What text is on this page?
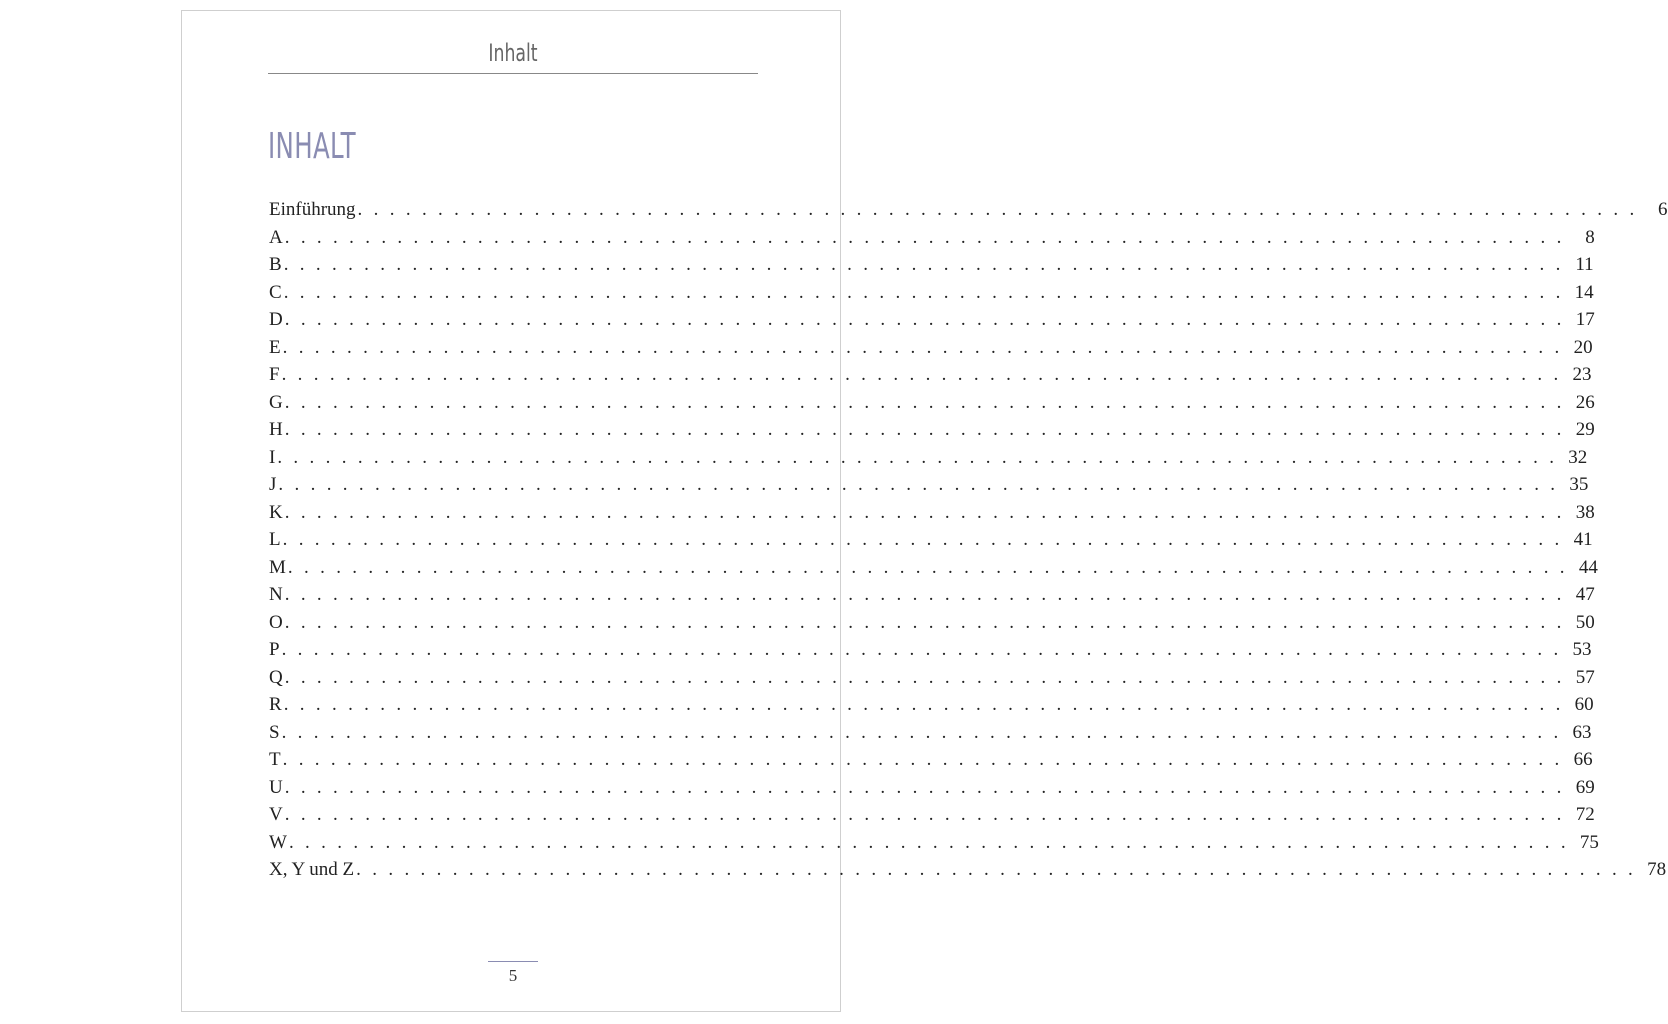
Inhalt
INHALT
Einführung . . . . . . . . . . . . . . . . . . . . . . . . . . . . . . . . . . . . . . . . . . . . . . . . . . . . . . . . . . . . . . . . . . . . . . . . . . . . . . . .	6
A . . . . . . . . . . . . . . . . . . . . . . . . . . . . . . . . . . . . . . . . . . . . . . . . . . . . . . . . . . . . . . . . . . . . . . . . . . . . . . . .	8
B . . . . . . . . . . . . . . . . . . . . . . . . . . . . . . . . . . . . . . . . . . . . . . . . . . . . . . . . . . . . . . . . . . . . . . . . . . . . . . . . 11
C . . . . . . . . . . . . . . . . . . . . . . . . . . . . . . . . . . . . . . . . . . . . . . . . . . . . . . . . . . . . . . . . . . . . . . . . . . . . . . . . 14
D . . . . . . . . . . . . . . . . . . . . . . . . . . . . . . . . . . . . . . . . . . . . . . . . . . . . . . . . . . . . . . . . . . . . . . . . . . . . . . . . 17
E . . . . . . . . . . . . . . . . . . . . . . . . . . . . . . . . . . . . . . . . . . . . . . . . . . . . . . . . . . . . . . . . . . . . . . . . . . . . . . . . 20
F . . . . . . . . . . . . . . . . . . . . . . . . . . . . . . . . . . . . . . . . . . . . . . . . . . . . . . . . . . . . . . . . . . . . . . . . . . . . . . . . 23
G . . . . . . . . . . . . . . . . . . . . . . . . . . . . . . . . . . . . . . . . . . . . . . . . . . . . . . . . . . . . . . . . . . . . . . . . . . . . . . . . 26
H . . . . . . . . . . . . . . . . . . . . . . . . . . . . . . . . . . . . . . . . . . . . . . . . . . . . . . . . . . . . . . . . . . . . . . . . . . . . . . . . 29
I . . . . . . . . . . . . . . . . . . . . . . . . . . . . . . . . . . . . . . . . . . . . . . . . . . . . . . . . . . . . . . . . . . . . . . . . . . . . . . . . 32
J . . . . . . . . . . . . . . . . . . . . . . . . . . . . . . . . . . . . . . . . . . . . . . . . . . . . . . . . . . . . . . . . . . . . . . . . . . . . . . . . 35
K . . . . . . . . . . . . . . . . . . . . . . . . . . . . . . . . . . . . . . . . . . . . . . . . . . . . . . . . . . . . . . . . . . . . . . . . . . . . . . . . 38
L . . . . . . . . . . . . . . . . . . . . . . . . . . . . . . . . . . . . . . . . . . . . . . . . . . . . . . . . . . . . . . . . . . . . . . . . . . . . . . . . 41
M . . . . . . . . . . . . . . . . . . . . . . . . . . . . . . . . . . . . . . . . . . . . . . . . . . . . . . . . . . . . . . . . . . . . . . . . . . . . . . . . 44
N . . . . . . . . . . . . . . . . . . . . . . . . . . . . . . . . . . . . . . . . . . . . . . . . . . . . . . . . . . . . . . . . . . . . . . . . . . . . . . . . 47
O . . . . . . . . . . . . . . . . . . . . . . . . . . . . . . . . . . . . . . . . . . . . . . . . . . . . . . . . . . . . . . . . . . . . . . . . . . . . . . . . 50
P . . . . . . . . . . . . . . . . . . . . . . . . . . . . . . . . . . . . . . . . . . . . . . . . . . . . . . . . . . . . . . . . . . . . . . . . . . . . . . . . 53
Q . . . . . . . . . . . . . . . . . . . . . . . . . . . . . . . . . . . . . . . . . . . . . . . . . . . . . . . . . . . . . . . . . . . . . . . . . . . . . . . . 57
R . . . . . . . . . . . . . . . . . . . . . . . . . . . . . . . . . . . . . . . . . . . . . . . . . . . . . . . . . . . . . . . . . . . . . . . . . . . . . . . . 60
S . . . . . . . . . . . . . . . . . . . . . . . . . . . . . . . . . . . . . . . . . . . . . . . . . . . . . . . . . . . . . . . . . . . . . . . . . . . . . . . . 63
T . . . . . . . . . . . . . . . . . . . . . . . . . . . . . . . . . . . . . . . . . . . . . . . . . . . . . . . . . . . . . . . . . . . . . . . . . . . . . . . . 66
U . . . . . . . . . . . . . . . . . . . . . . . . . . . . . . . . . . . . . . . . . . . . . . . . . . . . . . . . . . . . . . . . . . . . . . . . . . . . . . . . 69
V . . . . . . . . . . . . . . . . . . . . . . . . . . . . . . . . . . . . . . . . . . . . . . . . . . . . . . . . . . . . . . . . . . . . . . . . . . . . . . . . 72
W . . . . . . . . . . . . . . . . . . . . . . . . . . . . . . . . . . . . . . . . . . . . . . . . . . . . . . . . . . . . . . . . . . . . . . . . . . . . . . . . 75
X, Y und Z . . . . . . . . . . . . . . . . . . . . . . . . . . . . . . . . . . . . . . . . . . . . . . . . . . . . . . . . . . . . . . . . . . . . . . . . . . . . . . . . 78
5
